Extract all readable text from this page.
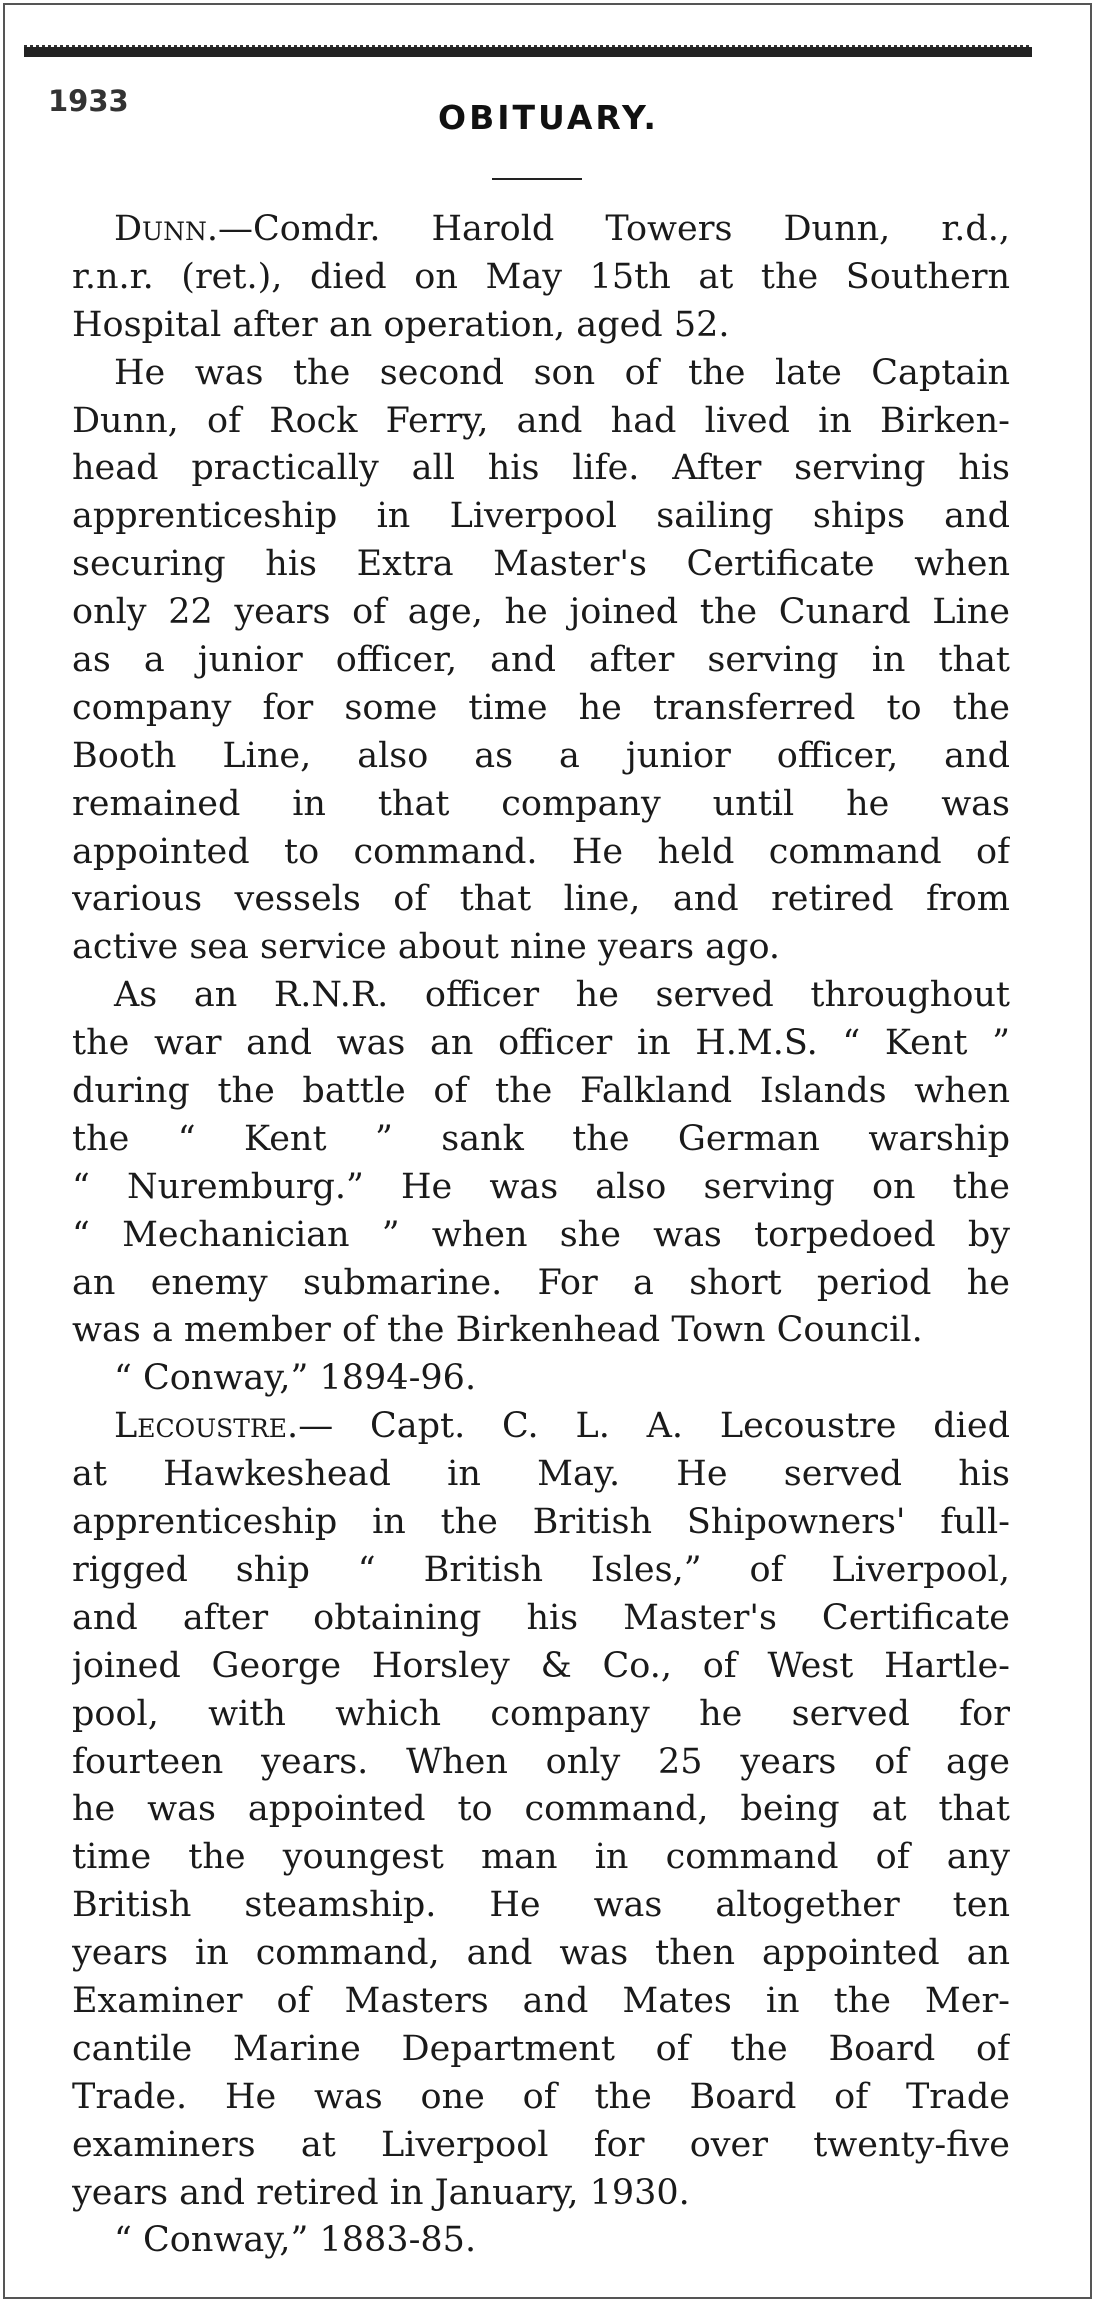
1933	OBITUARY.
Dunn.—Comdr. Harold Towers Dunn, r.d.,
r.n.r. (ret.), died on May 15th at the Southern
Hospital after an operation, aged 52.
He was the second son of the late Captain
Dunn, of Rock Ferry, and had lived in Birken-
head practically all his life. After serving his
apprenticeship in Liverpool sailing ships and
securing his Extra Master's Certificate when
only 22 years of age, he joined the Cunard Line
as a junior officer, and after serving in that
company for some time he transferred to the
Booth Line, also as a junior officer, and
remained in that company until he was
appointed to command. He held command of
various vessels of that line, and retired from
active sea service about nine years ago.
As an R.N.R. officer he served throughout
the war and was an officer in H.M.S. “ Kent ”
during the battle of the Falkland Islands when
the “ Kent ” sank the German warship
“ Nuremburg.” He was also serving on the
“ Mechanician ” when she was torpedoed by
an enemy submarine. For a short period he
was a member of the Birkenhead Town Council.
“ Conway,” 1894-96.
Lecoustre.— Capt. C. L. A. Lecoustre died
at Hawkeshead in May. He served his
apprenticeship in the British Shipowners' full-
rigged ship “ British Isles,” of Liverpool,
and after obtaining his Master's Certificate
joined George Horsley & Co., of West Hartle-
pool, with which company he served for
fourteen years. When only 25 years of age
he was appointed to command, being at that
time the youngest man in command of any
British steamship. He was altogether ten
years in command, and was then appointed an
Examiner of Masters and Mates in the Mer-
cantile Marine Department of the Board of
Trade. He was one of the Board of Trade
examiners at Liverpool for over twenty-five
years and retired in January, 1930.
“ Conway,” 1883-85.
